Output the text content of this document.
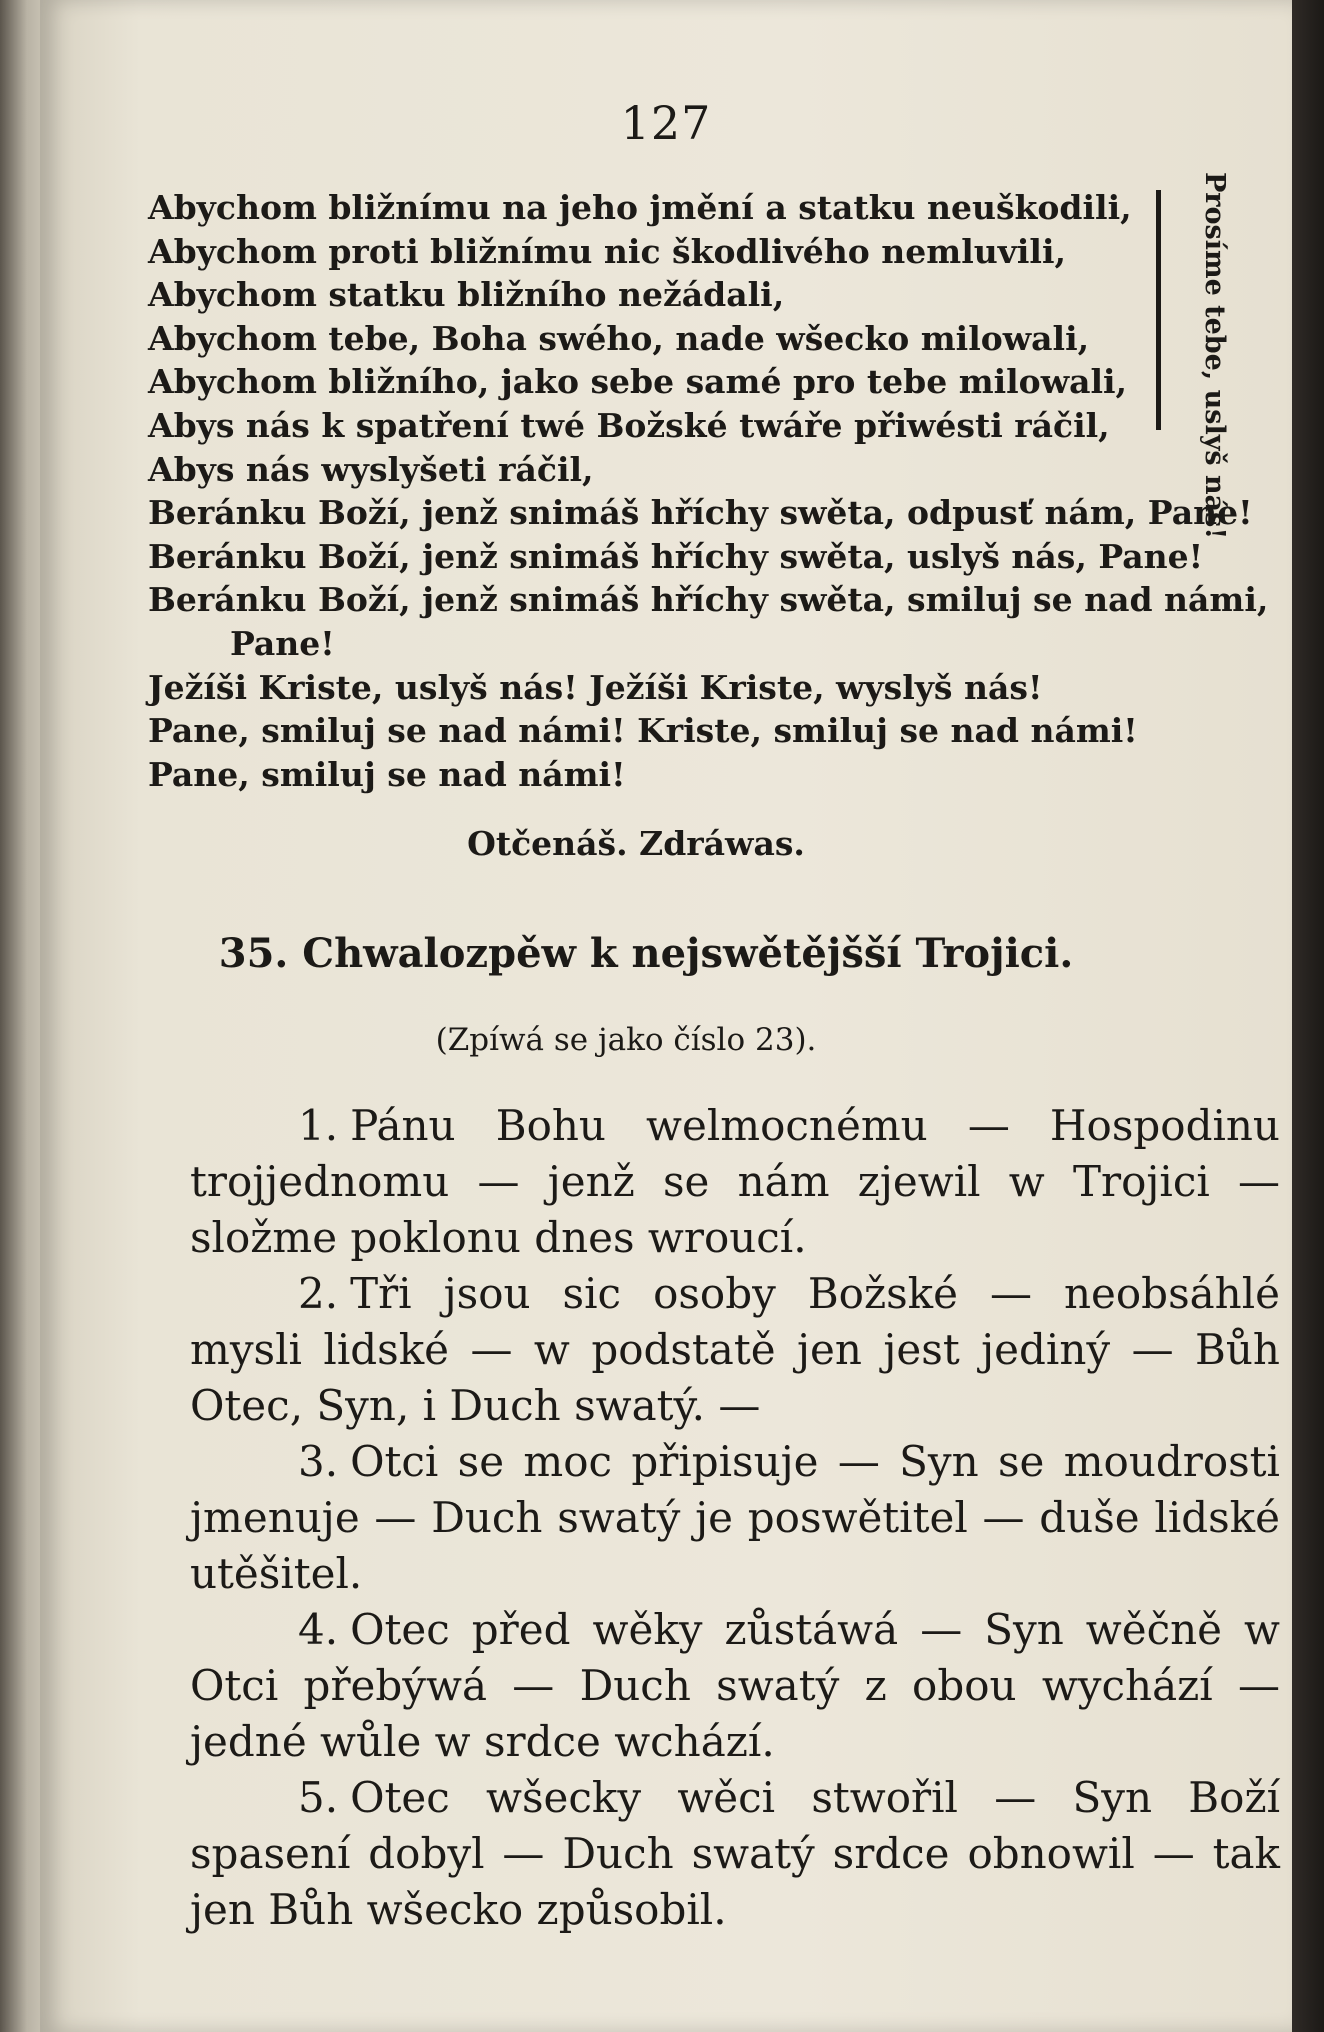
127
Abychom bližnímu na jeho jmění a statku neuškodili,
Abychom proti bližnímu nic škodlivého nemluvili,
Abychom statku bližního nežádali,
Abychom tebe, Boha swého, nade wšecko milowali,
Abychom bližního, jako sebe samé pro tebe milowali,
Abys nás k spatření twé Božské twáře přiwésti ráčil,
Abys nás wyslyšeti ráčil,
Beránku Boží, jenž snimáš hříchy swěta, odpusť nám, Pane!
Beránku Boží, jenž snimáš hříchy swěta, uslyš nás, Pane!
Beránku Boží, jenž snimáš hříchy swěta, smiluj se nad námi,
Pane!
Ježíši Kriste, uslyš nás! Ježíši Kriste, wyslyš nás!
Pane, smiluj se nad námi! Kriste, smiluj se nad námi!
Pane, smiluj se nad námi!
Prosíme tebe, uslyš nás!
Otčenáš. Zdráwas.
35. Chwalozpěw k nejswětějšší Trojici.
(Zpíwá se jako číslo 23).

1. Pánu Bohu welmocnému — Hospodinu trojjednomu — jenž se nám zjewil w Trojici — složme poklonu dnes wroucí.

2. Tři jsou sic osoby Božské — neobsáhlé mysli lidské — w podstatě jen jest jediný — Bůh Otec, Syn, i Duch swatý. —

3. Otci se moc připisuje — Syn se moudrosti jmenuje — Duch swatý je poswětitel — duše lidské utěšitel.

4. Otec před wěky zůstáwá — Syn wěčně w Otci přebýwá — Duch swatý z obou wychází — jedné wůle w srdce wchází.

5. Otec wšecky wěci stwořil — Syn Boží spasení dobyl — Duch swatý srdce obnowil — tak jen Bůh wšecko způsobil.
